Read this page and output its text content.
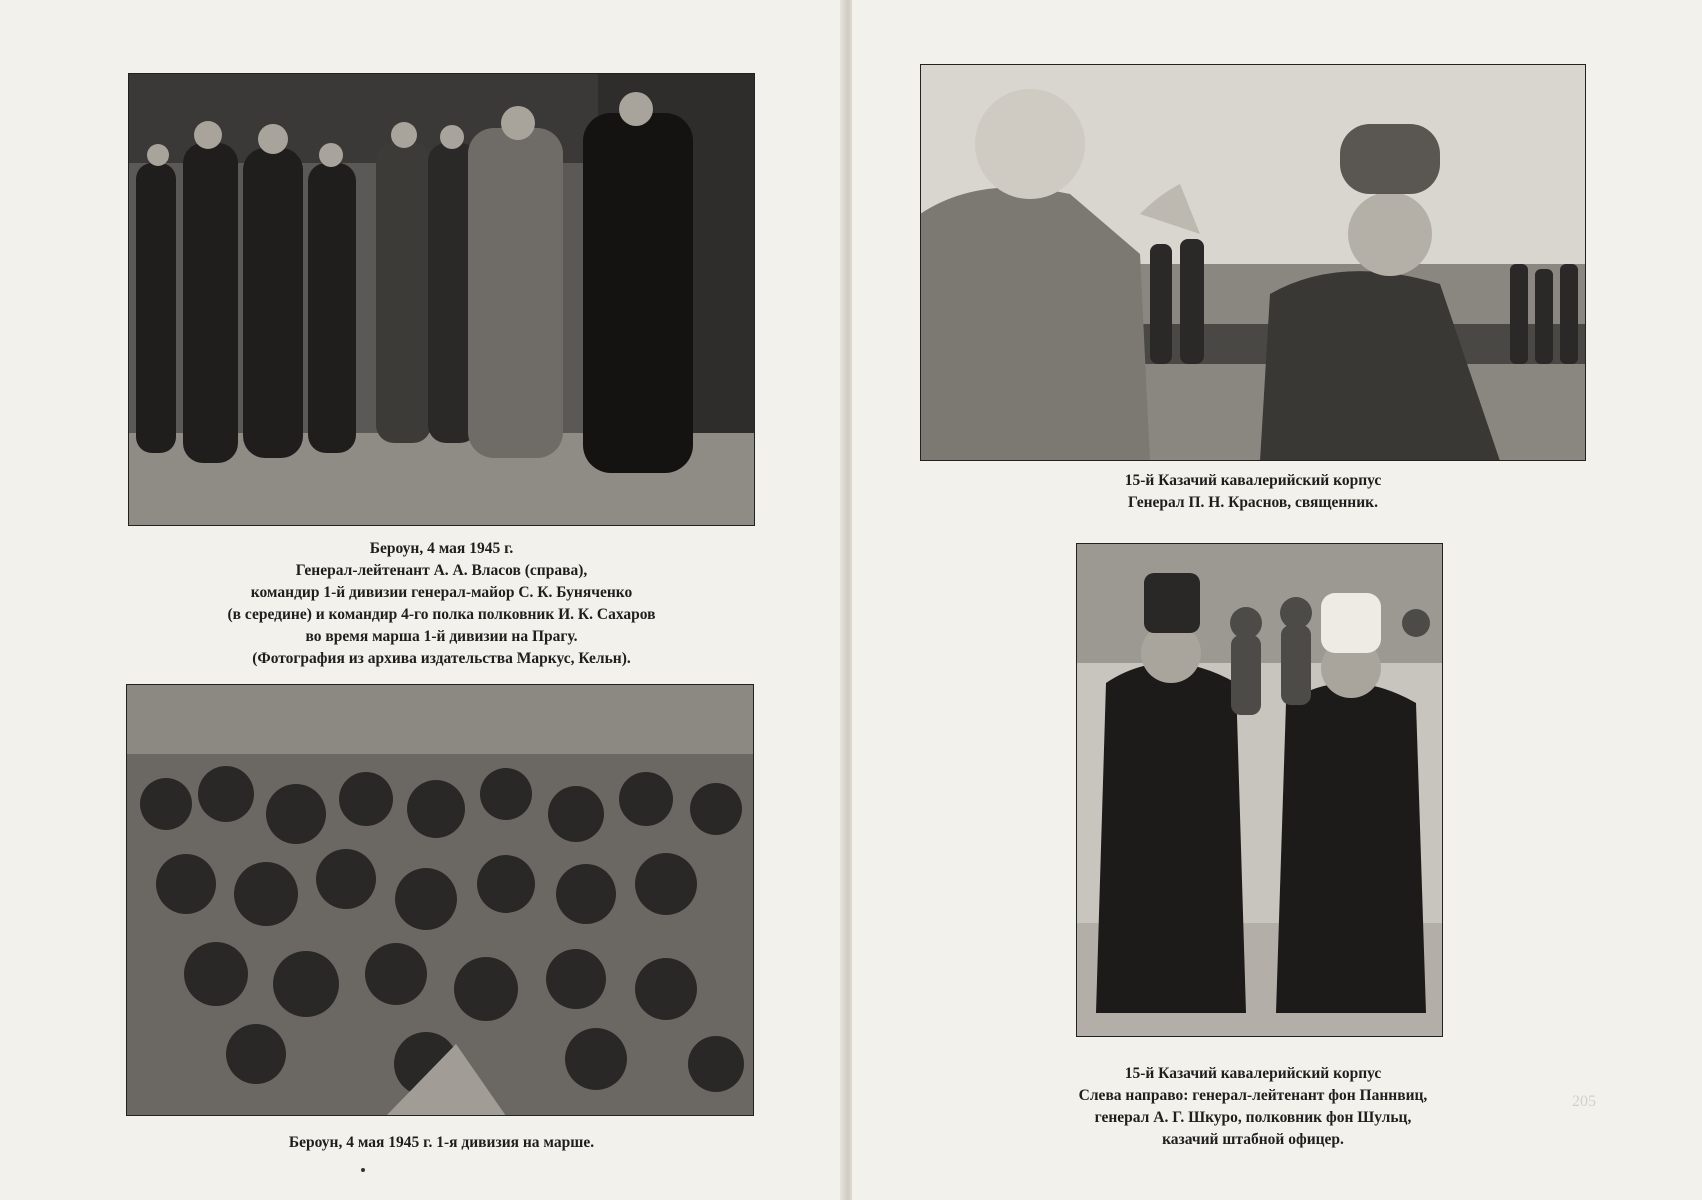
Бероун, 4 мая 1945 г.
Генерал-лейтенант А. А. Власов (справа),
командир 1-й дивизии генерал-майор С. К. Буняченко
(в середине) и командир 4-го полка полковник И. К. Сахаров
во время марша 1-й дивизии на Прагу.
(Фотография из архива издательства Маркус, Кельн).
Бероун, 4 мая 1945 г. 1-я дивизия на марше.

15-й Казачий кавалерийский корпус
Генерал П. Н. Краснов, священник.
15-й Казачий кавалерийский корпус
Слева направо: генерал-лейтенант фон Паннвиц,
генерал А. Г. Шкуро, полковник фон Шульц,
казачий штабной офицер.
205
